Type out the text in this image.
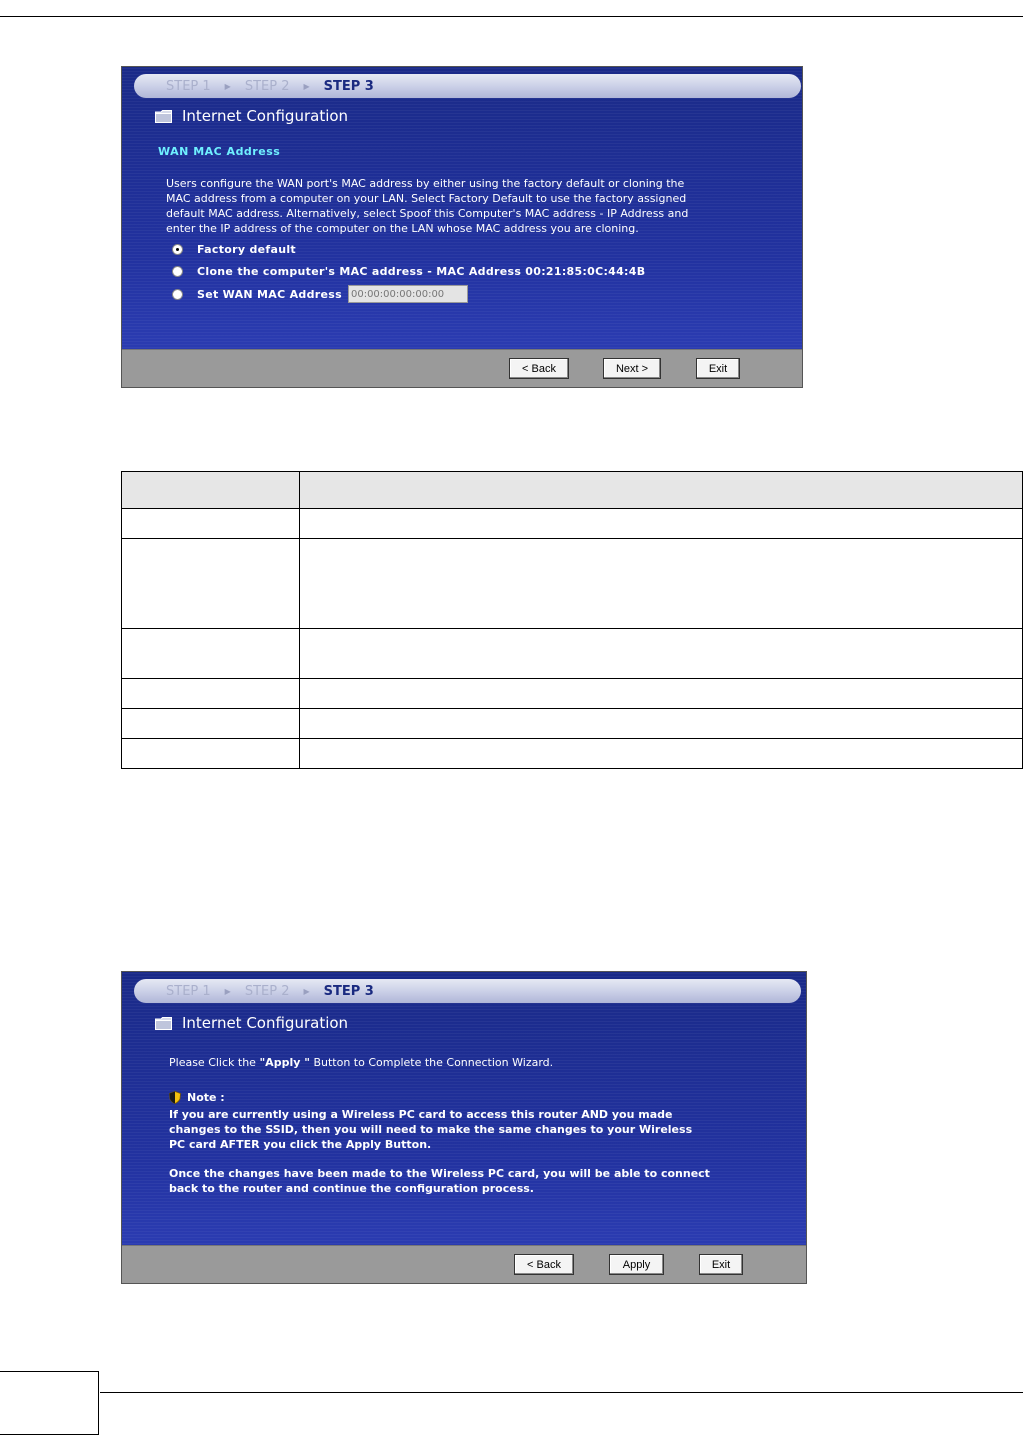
STEP 1 ▶ STEP 2 ▶ STEP 3
Internet Configuration
WAN MAC Address
Users configure the WAN port's MAC address by either using the factory default or cloning the
MAC address from a computer on your LAN. Select Factory Default to use the factory assigned
default MAC address. Alternatively, select Spoof this Computer's MAC address - IP Address and
enter the IP address of the computer on the LAN whose MAC address you are cloning.
Factory default
Clone the computer's MAC address - MAC Address 00:21:85:0C:44:4B
Set WAN MAC Address
00:00:00:00:00:00
< Back	Next >	Exit

STEP 1 ▶ STEP 2 ▶ STEP 3
Internet Configuration
Please Click the "Apply " Button to Complete the Connection Wizard.
Note :
If you are currently using a Wireless PC card to access this router AND you made
changes to the SSID, then you will need to make the same changes to your Wireless
PC card AFTER you click the Apply Button.
Once the changes have been made to the Wireless PC card, you will be able to connect
back to the router and continue the configuration process.
< Back	Apply	Exit
